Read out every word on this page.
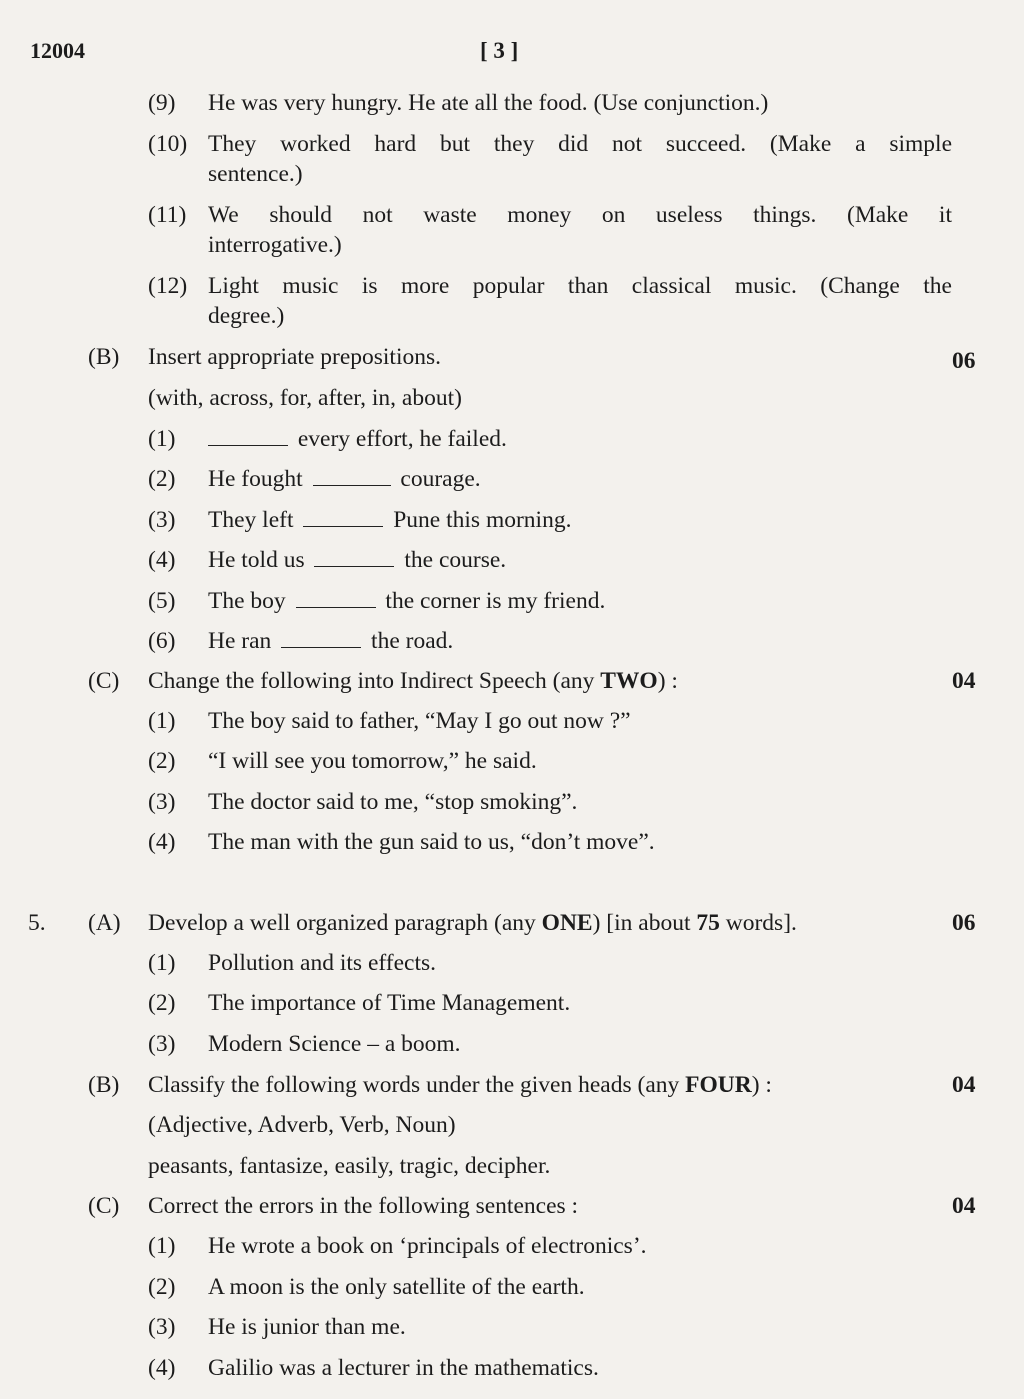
12004	[ 3 ]
(9) He was very hungry. He ate all the food. (Use conjunction.)
(10) They worked hard but they did not succeed. (Make a simple
sentence.)
(11) We should not waste money on useless things. (Make it
interrogative.)
(12) Light music is more popular than classical music. (Change the
degree.)
(B) Insert appropriate prepositions.	06
(with, across, for, after, in, about)
(1)	every effort, he failed.
(2) He fought	courage.
(3) They left	Pune this morning.
(4) He told us	the course.
(5) The boy	the corner is my friend.
(6) He ran	the road.
(C) Change the following into Indirect Speech (any TWO) :	04
(1) The boy said to father, “May I go out now ?”
(2) “I will see you tomorrow,” he said.
(3) The doctor said to me, “stop smoking”.
(4) The man with the gun said to us, “don’t move”.
5. (A) Develop a well organized paragraph (any ONE) [in about 75 words].	06
(1) Pollution and its effects.
(2) The importance of Time Management.
(3) Modern Science – a boom.
(B) Classify the following words under the given heads (any FOUR) :	04
(Adjective, Adverb, Verb, Noun)
peasants, fantasize, easily, tragic, decipher.
(C) Correct the errors in the following sentences :	04
(1) He wrote a book on ‘principals of electronics’.
(2) A moon is the only satellite of the earth.
(3) He is junior than me.
(4) Galilio was a lecturer in the mathematics.
